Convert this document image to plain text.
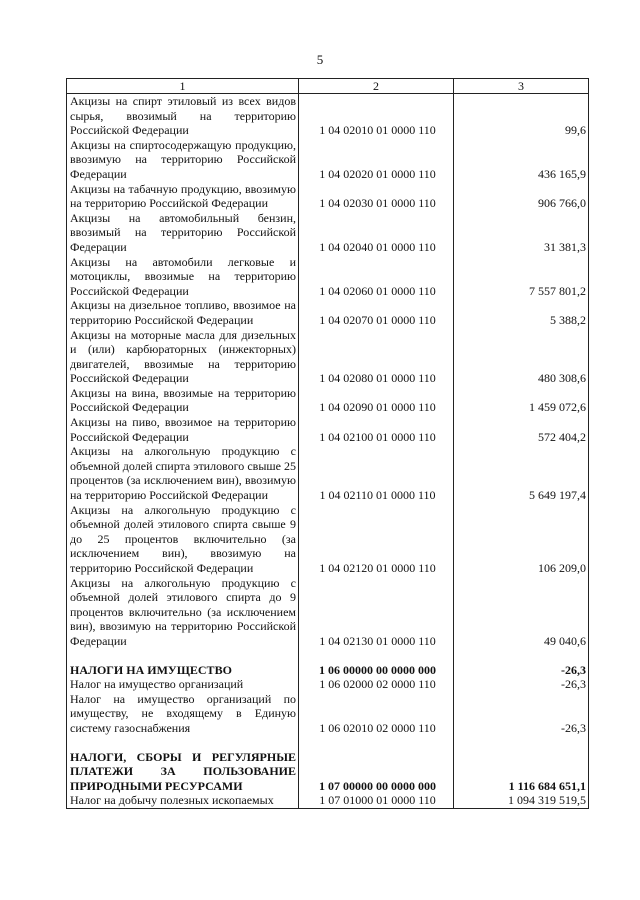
5
1	2	3
Акцизы на спирт этиловый из всех видов сырья, ввозимый на территорию Российской Федерации	1 04 02010 01 0000 110	99,6
Акцизы на спиртосодержащую продукцию, ввозимую на территорию Российской Федерации	1 04 02020 01 0000 110	436 165,9
Акцизы на табачную продукцию, ввозимую на территорию Российской Федерации	1 04 02030 01 0000 110	906 766,0
Акцизы на автомобильный бензин, ввозимый на территорию Российской Федерации	1 04 02040 01 0000 110	31 381,3
Акцизы на автомобили легковые и мотоциклы, ввозимые на территорию Российской Федерации	1 04 02060 01 0000 110	7 557 801,2
Акцизы на дизельное топливо, ввозимое на территорию Российской Федерации	1 04 02070 01 0000 110	5 388,2
Акцизы на моторные масла для дизельных и (или) карбюраторных (инжекторных) двигателей, ввозимые на территорию Российской Федерации	1 04 02080 01 0000 110	480 308,6
Акцизы на вина, ввозимые на территорию Российской Федерации	1 04 02090 01 0000 110	1 459 072,6
Акцизы на пиво, ввозимое на территорию Российской Федерации	1 04 02100 01 0000 110	572 404,2
Акцизы на алкогольную продукцию с объемной долей спирта этилового свыше 25 процентов (за исключением вин), ввозимую на территорию Российской Федерации	1 04 02110 01 0000 110	5 649 197,4
Акцизы на алкогольную продукцию с объемной долей этилового спирта свыше 9 до 25 процентов включительно (за исключением вин), ввозимую на территорию Российской Федерации	1 04 02120 01 0000 110	106 209,0
Акцизы на алкогольную продукцию с объемной долей этилового спирта до 9 процентов включительно (за исключением вин), ввозимую на территорию Российской Федерации	1 04 02130 01 0000 110	49 040,6

НАЛОГИ НА ИМУЩЕСТВО	1 06 00000 00 0000 000	-26,3
Налог на имущество организаций	1 06 02000 02 0000 110	-26,3
Налог на имущество организаций по имуществу, не входящему в Единую систему газоснабжения	1 06 02010 02 0000 110	-26,3

НАЛОГИ, СБОРЫ И РЕГУЛЯРНЫЕ ПЛАТЕЖИ ЗА ПОЛЬЗОВАНИЕ ПРИРОДНЫМИ РЕСУРСАМИ	1 07 00000 00 0000 000	1 116 684 651,1
Налог на добычу полезных ископаемых	1 07 01000 01 0000 110	1 094 319 519,5
